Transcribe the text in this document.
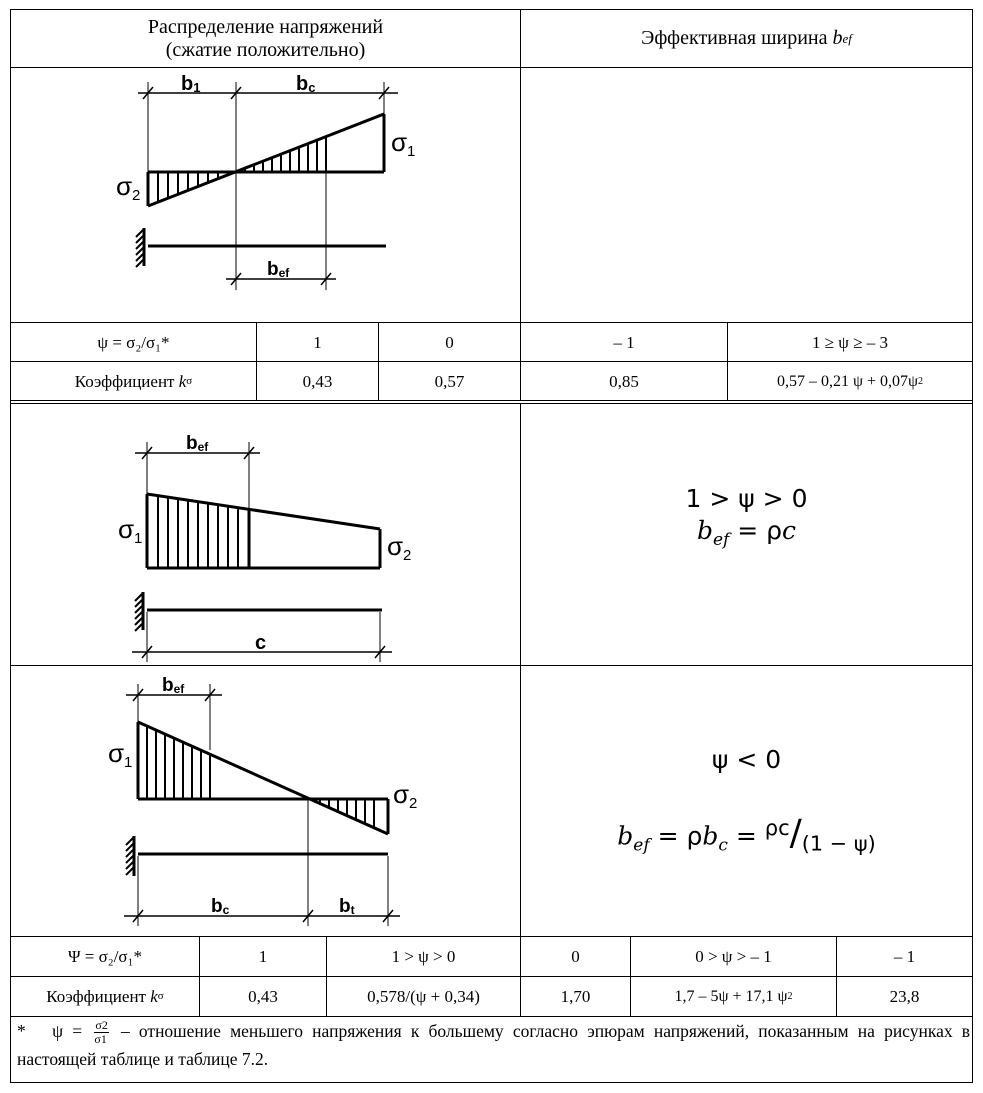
Распределение напряжений
(сжатие положительно)
Эффективная ширина b ef
b1	bc
σ1
σ2
bef
ψ = σ₂/σ₁*	1	0	– 1	1 ≥ ψ ≥ – 3
Коэффициент k σ	0,43	0,57	0,85	0,57 – 0,21 ψ + 0,07ψ 2
bef
σ1	σ2
c
1 > ψ > 0
$b_{ef} = \rho c$
bef
σ1
σ2
bc	bt
ψ < 0
$b_{ef} = \rho b_c = ^{\rho c}/_{(1 - \psi)}$
Ψ = σ₂/σ₁*	1	1 > ψ > 0	0	0 > ψ > – 1	– 1
Коэффициент k σ	0,43	0,578/(ψ + 0,34)	1,70	1,7 – 5ψ + 17,1 ψ 2	23,8
* $\psi = \frac{\sigma 2}{\sigma 1}$ – отношение меньшего напряжения к большему согласно эпюрам напряжений, показанным на рисунках в настоящей таблице и таблице 7.2.
